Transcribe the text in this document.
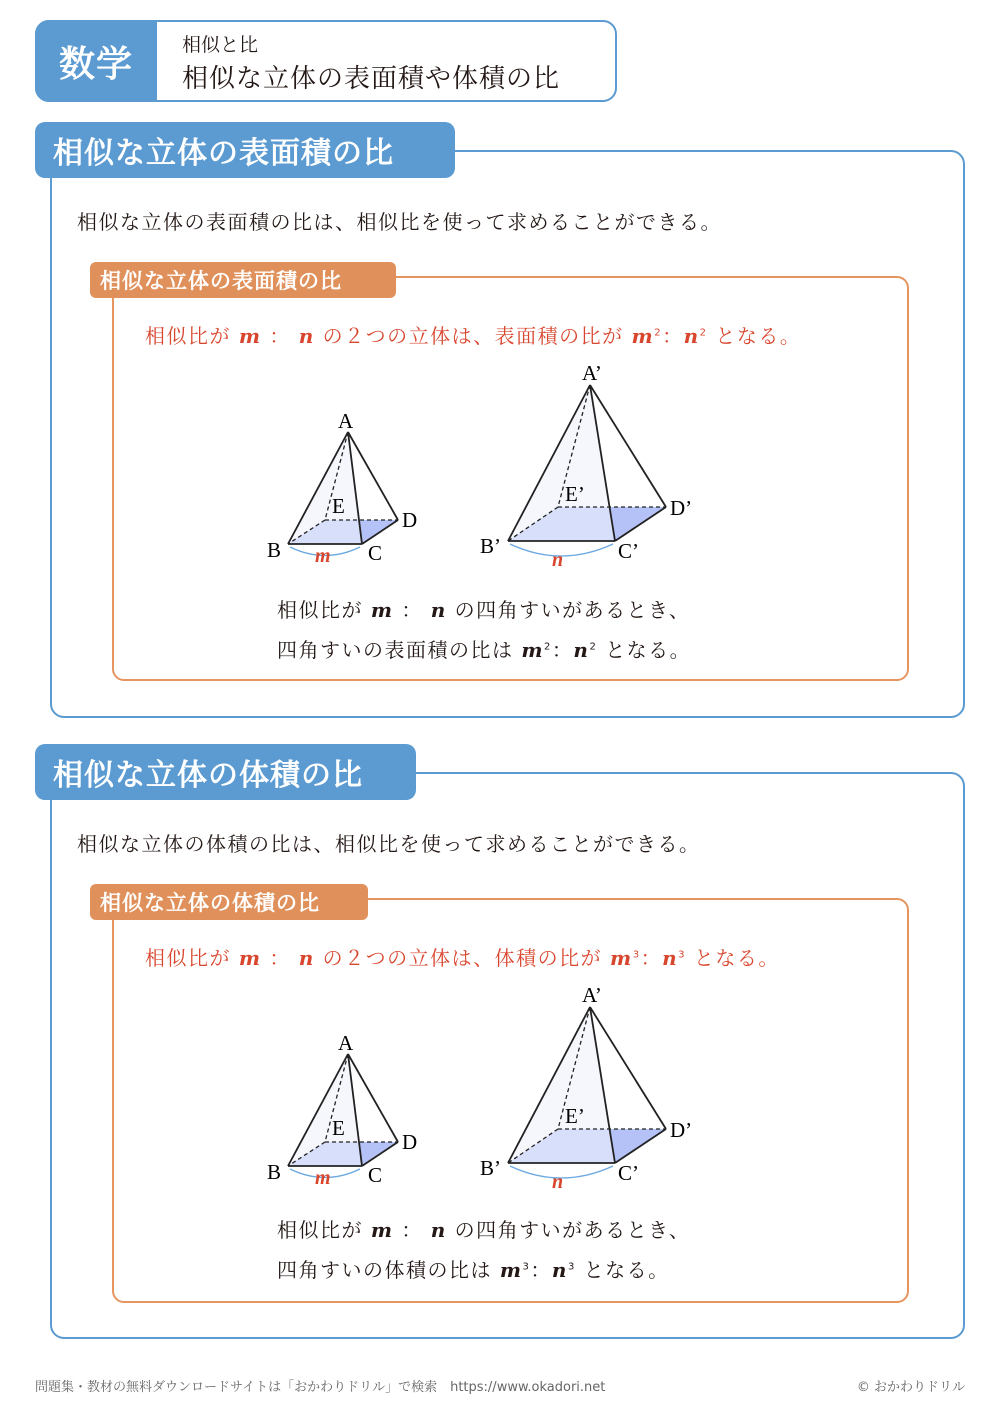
数学	相似と比
相似な立体の表面積や体積の比
相似な立体の表面積の比
相似な立体の表面積の比は、相似比を使って求めることができる。
相似な立体の表面積の比
相似比が m ： n の２つの立体は、表面積の比が $m^2$：$n^2$ となる。
A
B	C
D
E
m
A’
B’	C’
D’
E’
n
相似比が m ： n の四角すいがあるとき、
四角すいの表面積の比は $m^2$：$n^2$ となる。
相似な立体の体積の比
相似な立体の体積の比は、相似比を使って求めることができる。
相似な立体の体積の比
相似比が m ： n の２つの立体は、体積の比が $m^3$：$n^3$ となる。
A
B	C
D
E
m
A’
B’	C’
D’
E’
n
相似比が m ： n の四角すいがあるとき、
四角すいの体積の比は $m^3$：$n^3$ となる。
問題集・教材の無料ダウンロードサイトは「おかわりドリル」で検索　https://www.okadori.net	© おかわりドリル
